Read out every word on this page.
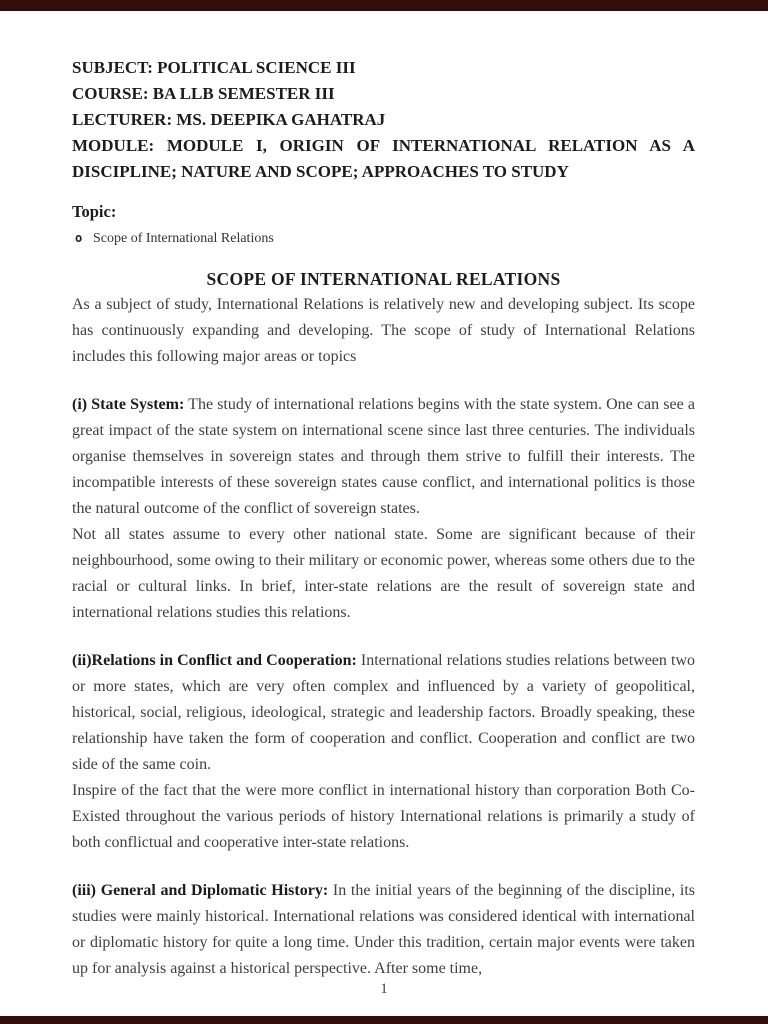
SUBJECT: POLITICAL SCIENCE III
COURSE: BA LLB SEMESTER III
LECTURER: MS. DEEPIKA GAHATRAJ
MODULE: MODULE I, ORIGIN OF INTERNATIONAL RELATION AS A DISCIPLINE; NATURE AND SCOPE; APPROACHES TO STUDY
Topic:
o Scope of International Relations
SCOPE OF INTERNATIONAL RELATIONS

As a subject of study, International Relations is relatively new and developing subject. Its scope has continuously expanding and developing. The scope of study of International Relations includes this following major areas or topics

(i) State System: The study of international relations begins with the state system. One can see a great impact of the state system on international scene since last three centuries. The individuals organise themselves in sovereign states and through them strive to fulfill their interests. The incompatible interests of these sovereign states cause conflict, and international politics is those the natural outcome of the conflict of sovereign states.

Not all states assume to every other national state. Some are significant because of their neighbourhood, some owing to their military or economic power, whereas some others due to the racial or cultural links. In brief, inter-state relations are the result of sovereign state and international relations studies this relations.

(ii)Relations in Conflict and Cooperation: International relations studies relations between two or more states, which are very often complex and influenced by a variety of geopolitical, historical, social, religious, ideological, strategic and leadership factors. Broadly speaking, these relationship have taken the form of cooperation and conflict. Cooperation and conflict are two side of the same coin.

Inspire of the fact that the were more conflict in international history than corporation Both Co-Existed throughout the various periods of history International relations is primarily a study of both conflictual and cooperative inter-state relations.

(iii) General and Diplomatic History: In the initial years of the beginning of the discipline, its studies were mainly historical. International relations was considered identical with international or diplomatic history for quite a long time. Under this tradition, certain major events were taken up for analysis against a historical perspective. After some time,

1
